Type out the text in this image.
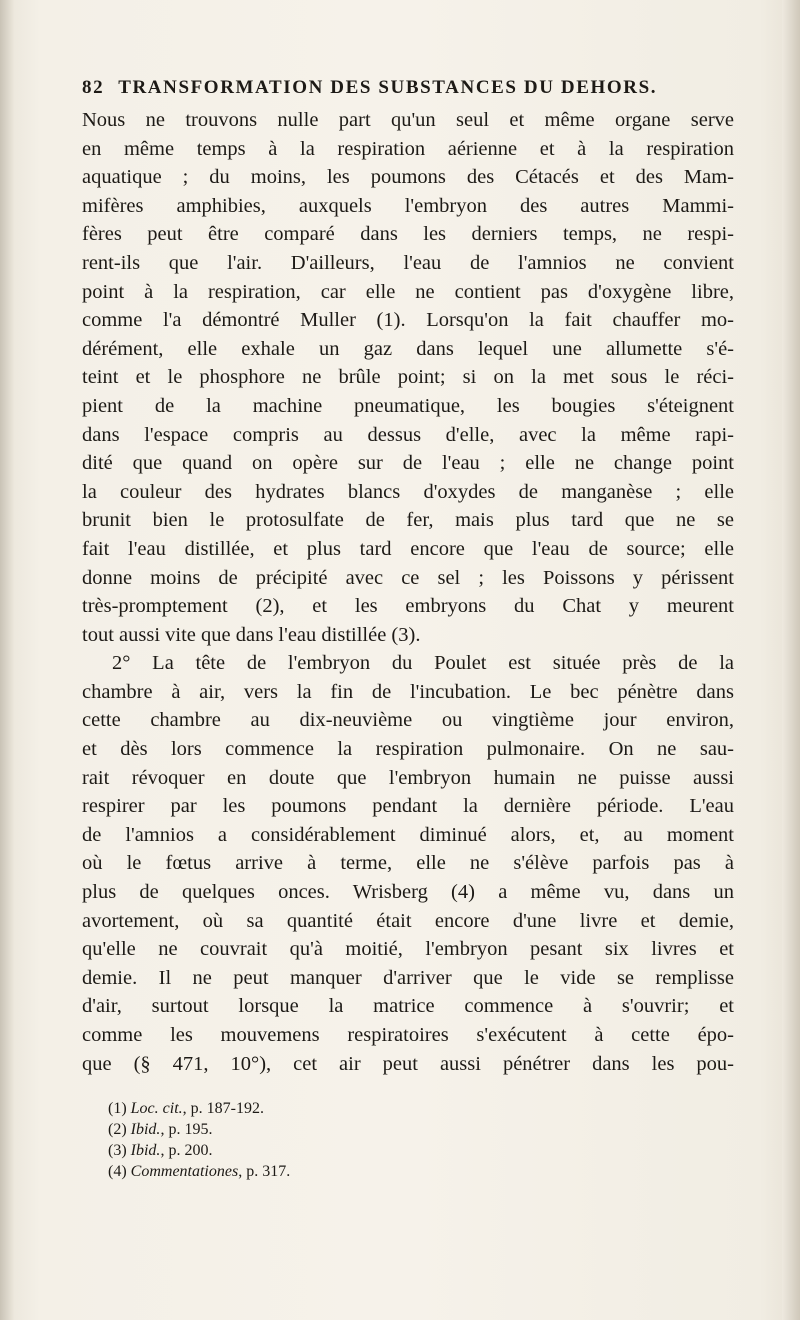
82 TRANSFORMATION DES SUBSTANCES DU DEHORS.

Nous ne trouvons nulle part qu'un seul et même organe serve

en même temps à la respiration aérienne et à la respiration

aquatique ; du moins, les poumons des Cétacés et des Mam-

mifères amphibies, auxquels l'embryon des autres Mammi-

fères peut être comparé dans les derniers temps, ne respi-

rent-ils que l'air. D'ailleurs, l'eau de l'amnios ne convient

point à la respiration, car elle ne contient pas d'oxygène libre,

comme l'a démontré Muller (1). Lorsqu'on la fait chauffer mo-

dérément, elle exhale un gaz dans lequel une allumette s'é-

teint et le phosphore ne brûle point; si on la met sous le réci-

pient de la machine pneumatique, les bougies s'éteignent

dans l'espace compris au dessus d'elle, avec la même rapi-

dité que quand on opère sur de l'eau ; elle ne change point

la couleur des hydrates blancs d'oxydes de manganèse ; elle

brunit bien le protosulfate de fer, mais plus tard que ne se

fait l'eau distillée, et plus tard encore que l'eau de source; elle

donne moins de précipité avec ce sel ; les Poissons y périssent

très-promptement (2), et les embryons du Chat y meurent

tout aussi vite que dans l'eau distillée (3).

2° La tête de l'embryon du Poulet est située près de la

chambre à air, vers la fin de l'incubation. Le bec pénètre dans

cette chambre au dix-neuvième ou vingtième jour environ,

et dès lors commence la respiration pulmonaire. On ne sau-

rait révoquer en doute que l'embryon humain ne puisse aussi

respirer par les poumons pendant la dernière période. L'eau

de l'amnios a considérablement diminué alors, et, au moment

où le fœtus arrive à terme, elle ne s'élève parfois pas à

plus de quelques onces. Wrisberg (4) a même vu, dans un

avortement, où sa quantité était encore d'une livre et demie,

qu'elle ne couvrait qu'à moitié, l'embryon pesant six livres et

demie. Il ne peut manquer d'arriver que le vide se remplisse

d'air, surtout lorsque la matrice commence à s'ouvrir; et

comme les mouvemens respiratoires s'exécutent à cette épo-

que (§ 471, 10°), cet air peut aussi pénétrer dans les pou-

(1) Loc. cit., p. 187-192.
(2) Ibid., p. 195.
(3) Ibid., p. 200.
(4) Commentationes, p. 317.
